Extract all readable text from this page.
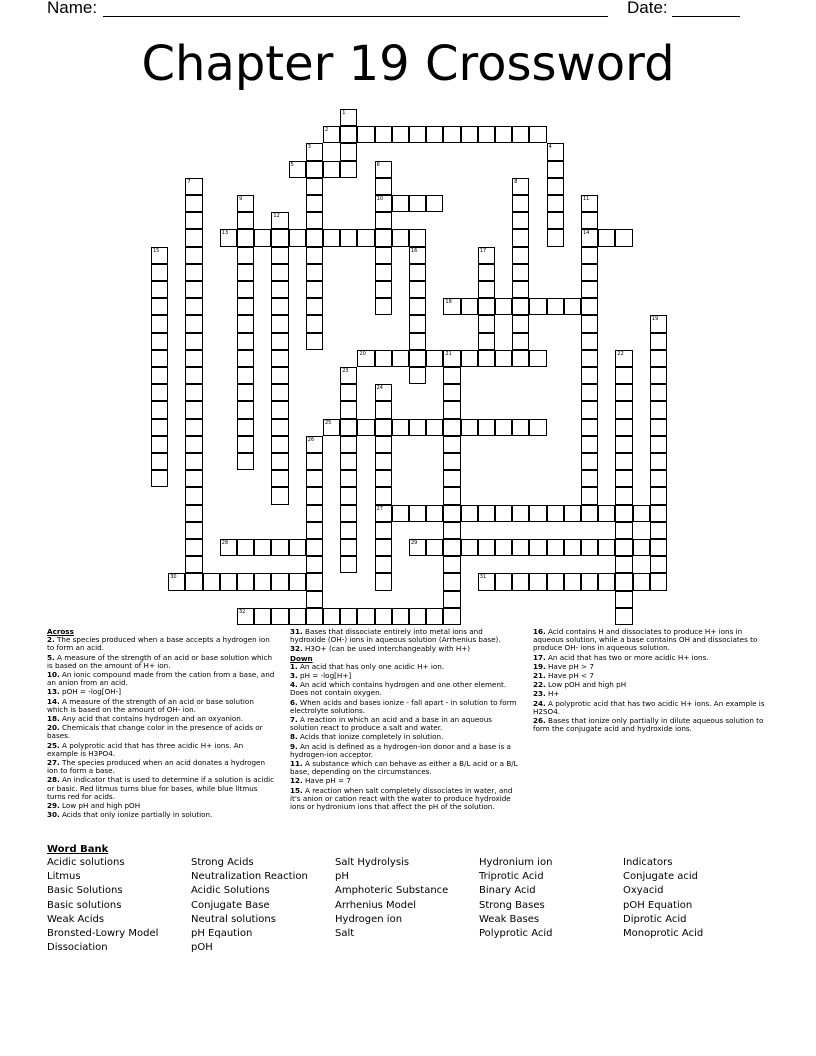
Name:	Date:
Chapter 19 Crossword
1
2
3	4
5	6
10
7	8
9	11
14
12
13
15	16	17
18
19
20	21	22
23
24
27
25
26
28	29
30	31
32
Across
2. The species produced when a base accepts a hydrogen ion to form an acid.
5. A measure of the strength of an acid or base solution which is based on the amount of H+ ion.
10. An ionic compound made from the cation from a base, and an anion from an acid.
13. pOH = -log[OH-]
14. A measure of the strength of an acid or base solution which is based on the amount of OH- ion.
18. Any acid that contains hydrogen and an oxyanion.
20. Chemicals that change color in the presence of acids or bases.
25. A polyprotic acid that has three acidic H+ ions. An example is H3PO4.
27. The species produced when an acid donates a hydrogen ion to form a base.
28. An indicator that is used to determine if a solution is acidic or basic. Red litmus turns blue for bases, while blue litmus turns red for acids.
29. Low pH and high pOH
30. Acids that only ionize partially in solution.
31. Bases that dissociate entirely into metal ions and hydroxide (OH-) ions in aqueous solution (Arrhenius base).
32. H3O+ (can be used interchangeably with H+)
Down
1. An acid that has only one acidic H+ ion.
3. pH = -log[H+]
4. An acid which contains hydrogen and one other element. Does not contain oxygen.
6. When acids and bases ionize - fall apart - in solution to form electrolyte solutions.
7. A reaction in which an acid and a base in an aqueous solution react to produce a salt and water.
8. Acids that ionize completely in solution.
9. An acid is defined as a hydrogen-ion donor and a base is a hydrogen-ion acceptor.
11. A substance which can behave as either a B/L acid or a B/L base, depending on the circumstances.
12. Have pH = 7
15. A reaction when salt completely dissociates in water, and it's anion or cation react with the water to produce hydroxide ions or hydronium ions that affect the pH of the solution.
16. Acid contains H and dissociates to produce H+ ions in aqueous solution, while a base contains OH and dissociates to produce OH- ions in aqueous solution.
17. An acid that has two or more acidic H+ ions.
19. Have pH > 7
21. Have pH < 7
22. Low pOH and high pH
23. H+
24. A polyprotic acid that has two acidic H+ ions. An example is H2SO4.
26. Bases that ionize only partially in dilute aqueous solution to form the conjugate acid and hydroxide ions.
Word Bank
Acidic solutions	Strong Acids	Salt Hydrolysis	Hydronium ion	Indicators
Litmus	Neutralization Reaction	pH	Triprotic Acid	Conjugate acid
Basic Solutions	Acidic Solutions	Amphoteric Substance	Binary Acid	Oxyacid
Basic solutions	Conjugate Base	Arrhenius Model	Strong Bases	pOH Equation
Weak Acids	Neutral solutions	Hydrogen ion	Weak Bases	Diprotic Acid
Bronsted-Lowry Model	pH Eqaution	Salt	Polyprotic Acid	Monoprotic Acid
Dissociation	pOH
